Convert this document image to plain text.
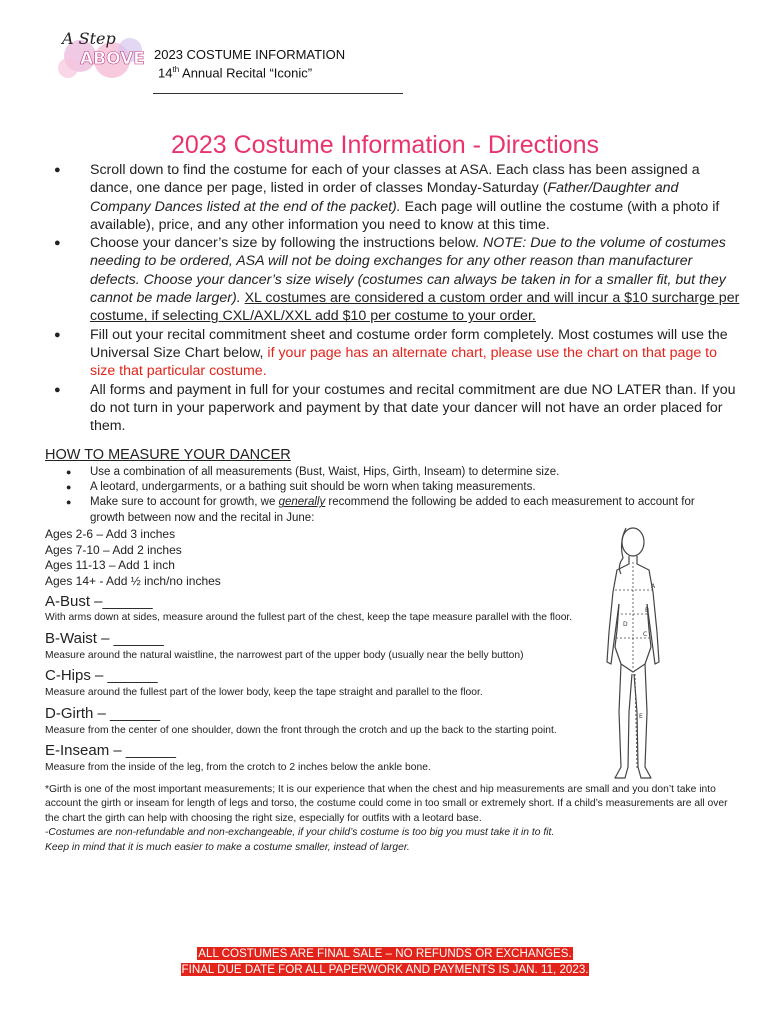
A Step
ABOVE 2023 COSTUME INFORMATION
14th Annual Recital “Iconic”
2023 Costume Information - Directions
● Scroll down to find the costume for each of your classes at ASA. Each class has been assigned a dance, one dance per page, listed in order of classes Monday-Saturday (Father/Daughter and Company Dances listed at the end of the packet). Each page will outline the costume (with a photo if available), price, and any other information you need to know at this time.
● Choose your dancer’s size by following the instructions below. NOTE: Due to the volume of costumes needing to be ordered, ASA will not be doing exchanges for any other reason than manufacturer defects. Choose your dancer’s size wisely (costumes can always be taken in for a smaller fit, but they cannot be made larger). XL costumes are considered a custom order and will incur a $10 surcharge per costume, if selecting CXL/AXL/XXL add $10 per costume to your order.
● Fill out your recital commitment sheet and costume order form completely. Most costumes will use the Universal Size Chart below, if your page has an alternate chart, please use the chart on that page to size that particular costume.
● All forms and payment in full for your costumes and recital commitment are due NO LATER than. If you do not turn in your paperwork and payment by that date your dancer will not have an order placed for them.
HOW TO MEASURE YOUR DANCER
● Use a combination of all measurements (Bust, Waist, Hips, Girth, Inseam) to determine size.
● A leotard, undergarments, or a bathing suit should be worn when taking measurements.
● Make sure to account for growth, we generally recommend the following be added to each measurement to account for growth between now and the recital in June:
Ages 2-6 – Add 3 inches
Ages 7-10 – Add 2 inches
Ages 11-13 – Add 1 inch
Ages 14+ - Add ½ inch/no inches
A-Bust –______
With arms down at sides, measure around the fullest part of the chest, keep the tape measure parallel with the floor.
B-Waist – ______
Measure around the natural waistline, the narrowest part of the upper body (usually near the belly button)
C-Hips – ______
Measure around the fullest part of the lower body, keep the tape straight and parallel to the floor.
D-Girth – ______
Measure from the center of one shoulder, down the front through the crotch and up the back to the starting point.
E-Inseam – ______
Measure from the inside of the leg, from the crotch to 2 inches below the ankle bone.
A
B
C
D
E
*Girth is one of the most important measurements; It is our experience that when the chest and hip measurements are small and you don’t take into account the girth or inseam for length of legs and torso, the costume could come in too small or extremely short. If a child’s measurements are all over the chart the girth can help with choosing the right size, especially for outfits with a leotard base.
-Costumes are non-refundable and non-exchangeable, if your child’s costume is too big you must take it in to fit.
Keep in mind that it is much easier to make a costume smaller, instead of larger.
ALL COSTUMES ARE FINAL SALE – NO REFUNDS OR EXCHANGES.
FINAL DUE DATE FOR ALL PAPERWORK AND PAYMENTS IS JAN. 11, 2023.
